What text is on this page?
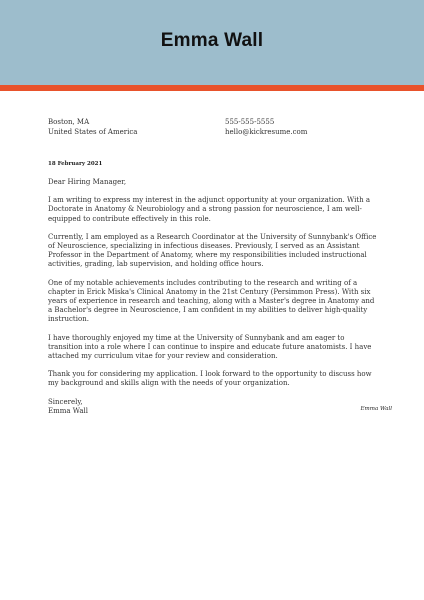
Emma Wall
Boston, MA
United States of America
555-555-5555
hello@kickresume.com
18 February 2021

Dear Hiring Manager,

I am writing to express my interest in the adjunct opportunity at your organization. With a Doctorate in Anatomy & Neurobiology and a strong passion for neuroscience, I am well-equipped to contribute effectively in this role.

Currently, I am employed as a Research Coordinator at the University of Sunnybank's Office of Neuroscience, specializing in infectious diseases. Previously, I served as an Assistant Professor in the Department of Anatomy, where my responsibilities included instructional activities, grading, lab supervision, and holding office hours.

One of my notable achievements includes contributing to the research and writing of a chapter in Erick Miska's Clinical Anatomy in the 21st Century (Persimmon Press). With six years of experience in research and teaching, along with a Master's degree in Anatomy and a Bachelor's degree in Neuroscience, I am confident in my abilities to deliver high-quality instruction.

I have thoroughly enjoyed my time at the University of Sunnybank and am eager to transition into a role where I can continue to inspire and educate future anatomists. I have attached my curriculum vitae for your review and consideration.

Thank you for considering my application. I look forward to the opportunity to discuss how my background and skills align with the needs of your organization.

Sincerely,
Emma Wall	Emma Wall
